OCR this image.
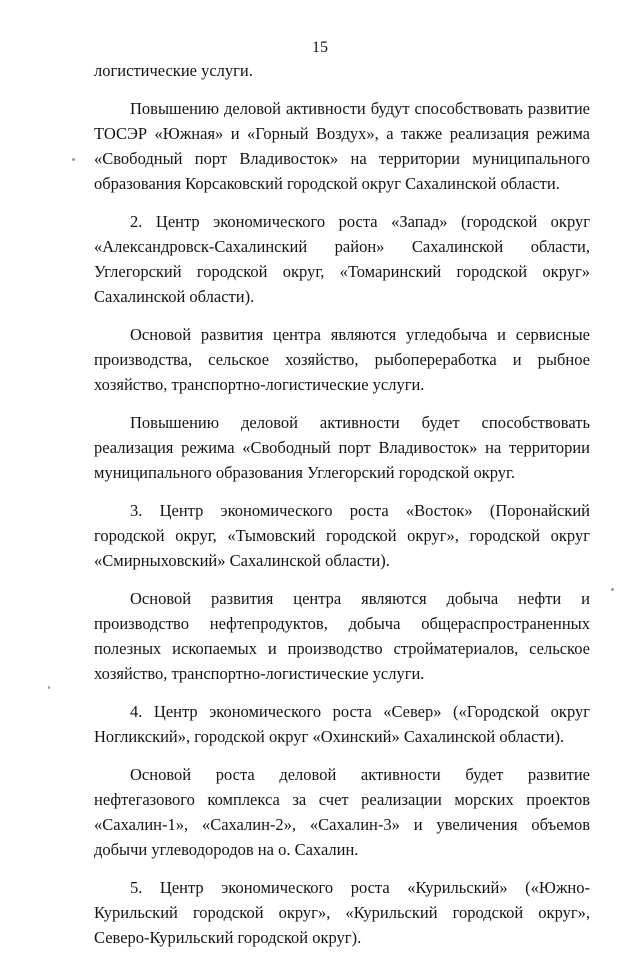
15

логистические услуги.

Повышению деловой активности будут способствовать развитие ТОСЭР «Южная» и «Горный Воздух», а также реализация режима «Свободный порт Владивосток» на территории муниципального образования Корсаковский городской округ Сахалинской области.

2. Центр экономического роста «Запад» (городской округ «Александровск-Сахалинский район» Сахалинской области, Углегорский городской округ, «Томаринский городской округ» Сахалинской области).

Основой развития центра являются угледобыча и сервисные производства, сельское хозяйство, рыбопереработка и рыбное хозяйство, транспортно-логистические услуги.

Повышению деловой активности будет способствовать реализация режима «Свободный порт Владивосток» на территории муниципального образования Углегорский городской округ.

3. Центр экономического роста «Восток» (Поронайский городской округ, «Тымовский городской округ», городской округ «Смирныховский» Сахалинской области).

Основой развития центра являются добыча нефти и производство нефтепродуктов, добыча общераспространенных полезных ископаемых и производство стройматериалов, сельское хозяйство, транспортно-логистические услуги.

4. Центр экономического роста «Север» («Городской округ Ногликский», городской округ «Охинский» Сахалинской области).

Основой роста деловой активности будет развитие нефтегазового комплекса за счет реализации морских проектов «Сахалин-1», «Сахалин-2», «Сахалин-3» и увеличения объемов добычи углеводородов на о. Сахалин.

5. Центр экономического роста «Курильский» («Южно-Курильский городской округ», «Курильский городской округ», Северо-Курильский городской округ).
